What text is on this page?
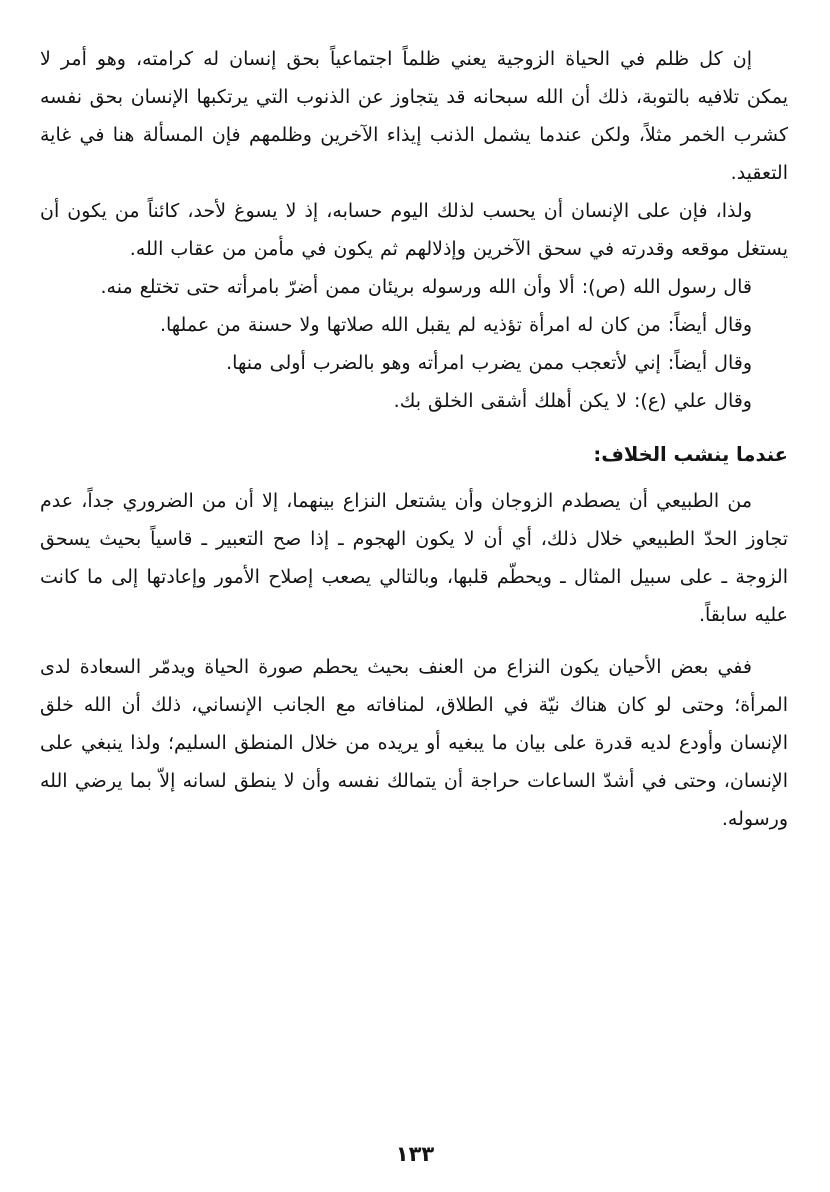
إن كل ظلم في الحياة الزوجية يعني ظلماً اجتماعياً بحق إنسان له كرامته، وهو أمر لا يمكن تلافيه بالتوبة، ذلك أن الله سبحانه قد يتجاوز عن الذنوب التي يرتكبها الإنسان بحق نفسه كشرب الخمر مثلاً، ولكن عندما يشمل الذنب إيذاء الآخرين وظلمهم فإن المسألة هنا في غاية التعقيد.

ولذا، فإن على الإنسان أن يحسب لذلك اليوم حسابه، إذ لا يسوغ لأحد، كائناً من يكون أن يستغل موقعه وقدرته في سحق الآخرين وإذلالهم ثم يكون في مأمن من عقاب الله.

قال رسول الله (ص): ألا وأن الله ورسوله بريئان ممن أضرّ بامرأته حتى تختلع منه.

وقال أيضاً: من كان له امرأة تؤذيه لم يقبل الله صلاتها ولا حسنة من عملها.

وقال أيضاً: إني لأتعجب ممن يضرب امرأته وهو بالضرب أولى منها.

وقال علي (ع): لا يكن أهلك أشقى الخلق بك.

عندما ينشب الخلاف:

من الطبيعي أن يصطدم الزوجان وأن يشتعل النزاع بينهما، إلا أن من الضروري جداً، عدم تجاوز الحدّ الطبيعي خلال ذلك، أي أن لا يكون الهجوم ـ إذا صح التعبير ـ قاسياً بحيث يسحق الزوجة ـ على سبيل المثال ـ ويحطّم قلبها، وبالتالي يصعب إصلاح الأمور وإعادتها إلى ما كانت عليه سابقاً.

ففي بعض الأحيان يكون النزاع من العنف بحيث يحطم صورة الحياة ويدمّر السعادة لدى المرأة؛ وحتى لو كان هناك نيّة في الطلاق، لمنافاته مع الجانب الإنساني، ذلك أن الله خلق الإنسان وأودع لديه قدرة على بيان ما يبغيه أو يريده من خلال المنطق السليم؛ ولذا ينبغي على الإنسان، وحتى في أشدّ الساعات حراجة أن يتمالك نفسه وأن لا ينطق لسانه إلاّ بما يرضي الله ورسوله.

١٣٣
